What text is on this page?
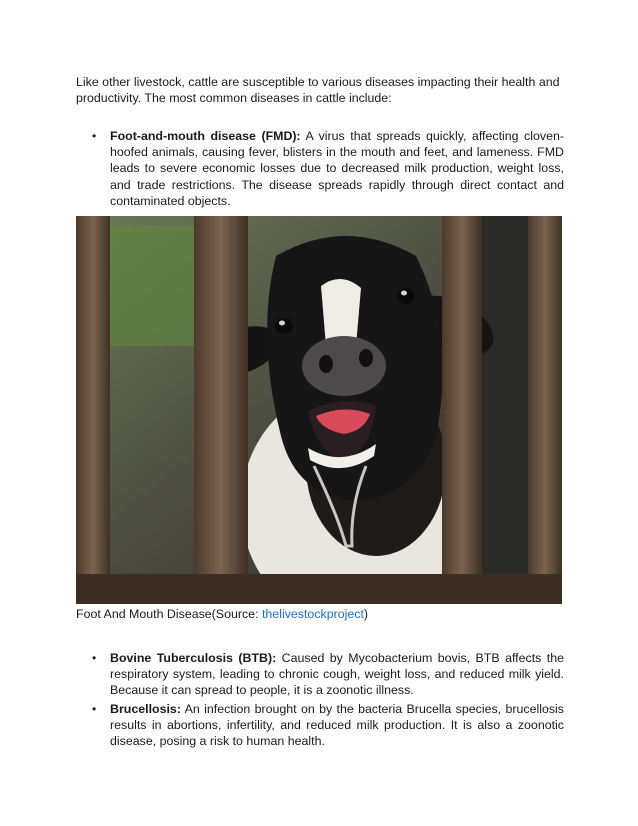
Like other livestock, cattle are susceptible to various diseases impacting their health and productivity. The most common diseases in cattle include:

• Foot-and-mouth disease (FMD): A virus that spreads quickly, affecting cloven-hoofed animals, causing fever, blisters in the mouth and feet, and lameness. FMD leads to severe economic losses due to decreased milk production, weight loss, and trade restrictions. The disease spreads rapidly through direct contact and contaminated objects.
Foot And Mouth Disease(Source: thelivestockproject)
• Bovine Tuberculosis (BTB): Caused by Mycobacterium bovis, BTB affects the respiratory system, leading to chronic cough, weight loss, and reduced milk yield. Because it can spread to people, it is a zoonotic illness.
• Brucellosis: An infection brought on by the bacteria Brucella species, brucellosis results in abortions, infertility, and reduced milk production. It is also a zoonotic disease, posing a risk to human health.
